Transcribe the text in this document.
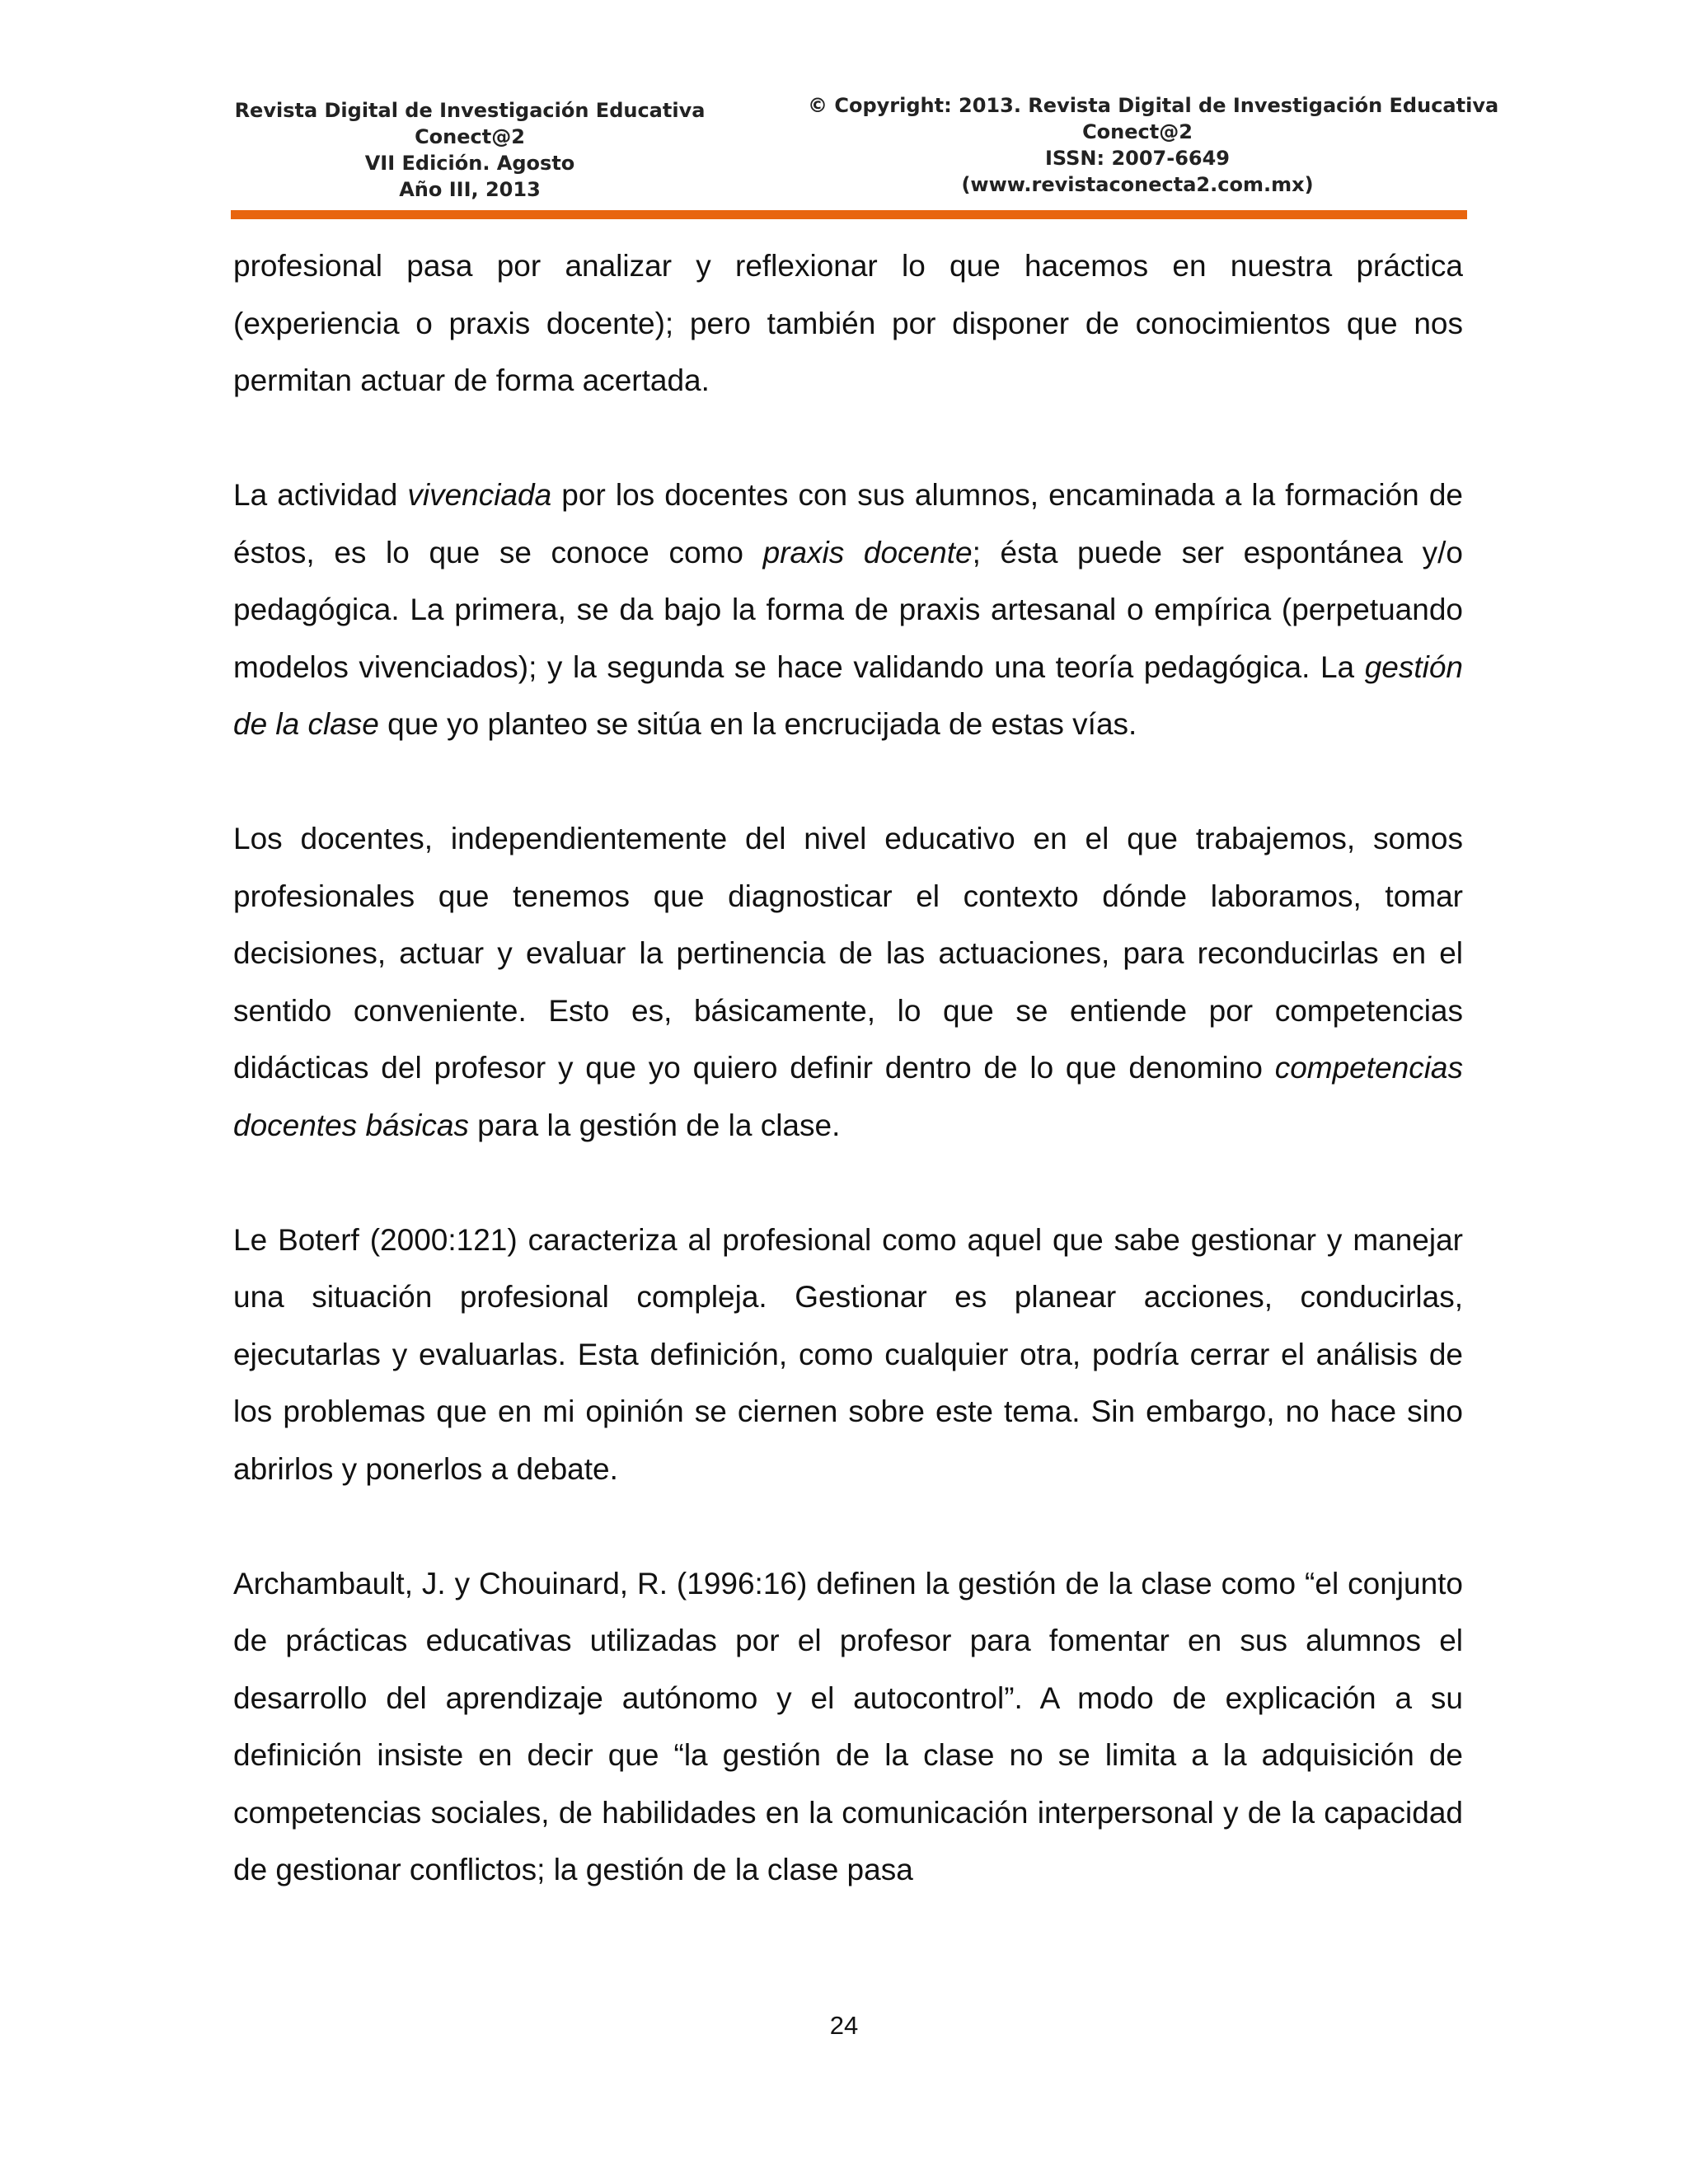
Revista Digital de Investigación Educativa
Conect@2
VII Edición. Agosto
Año III, 2013
© Copyright: 2013. Revista Digital de Investigación Educativa
Conect@2
ISSN: 2007-6649
(www.revistaconecta2.com.mx)

profesional pasa por analizar y reflexionar lo que hacemos en nuestra práctica (experiencia o praxis docente); pero también por disponer de conocimientos que nos permitan actuar de forma acertada.

La actividad vivenciada por los docentes con sus alumnos, encaminada a la formación de éstos, es lo que se conoce como praxis docente; ésta puede ser espontánea y/o pedagógica. La primera, se da bajo la forma de praxis artesanal o empírica (perpetuando modelos vivenciados); y la segunda se hace validando una teoría pedagógica. La gestión de la clase que yo planteo se sitúa en la encrucijada de estas vías.

Los docentes, independientemente del nivel educativo en el que trabajemos, somos profesionales que tenemos que diagnosticar el contexto dónde laboramos, tomar decisiones, actuar y evaluar la pertinencia de las actuaciones, para reconducirlas en el sentido conveniente. Esto es, básicamente, lo que se entiende por competencias didácticas del profesor y que yo quiero definir dentro de lo que denomino competencias docentes básicas para la gestión de la clase.

Le Boterf (2000:121) caracteriza al profesional como aquel que sabe gestionar y manejar una situación profesional compleja. Gestionar es planear acciones, conducirlas, ejecutarlas y evaluarlas. Esta definición, como cualquier otra, podría cerrar el análisis de los problemas que en mi opinión se ciernen sobre este tema. Sin embargo, no hace sino abrirlos y ponerlos a debate.

Archambault, J. y Chouinard, R. (1996:16) definen la gestión de la clase como “el conjunto de prácticas educativas utilizadas por el profesor para fomentar en sus alumnos el desarrollo del aprendizaje autónomo y el autocontrol”. A modo de explicación a su definición insiste en decir que “la gestión de la clase no se limita a la adquisición de competencias sociales, de habilidades en la comunicación interpersonal y de la capacidad de gestionar conflictos; la gestión de la clase pasa

24
